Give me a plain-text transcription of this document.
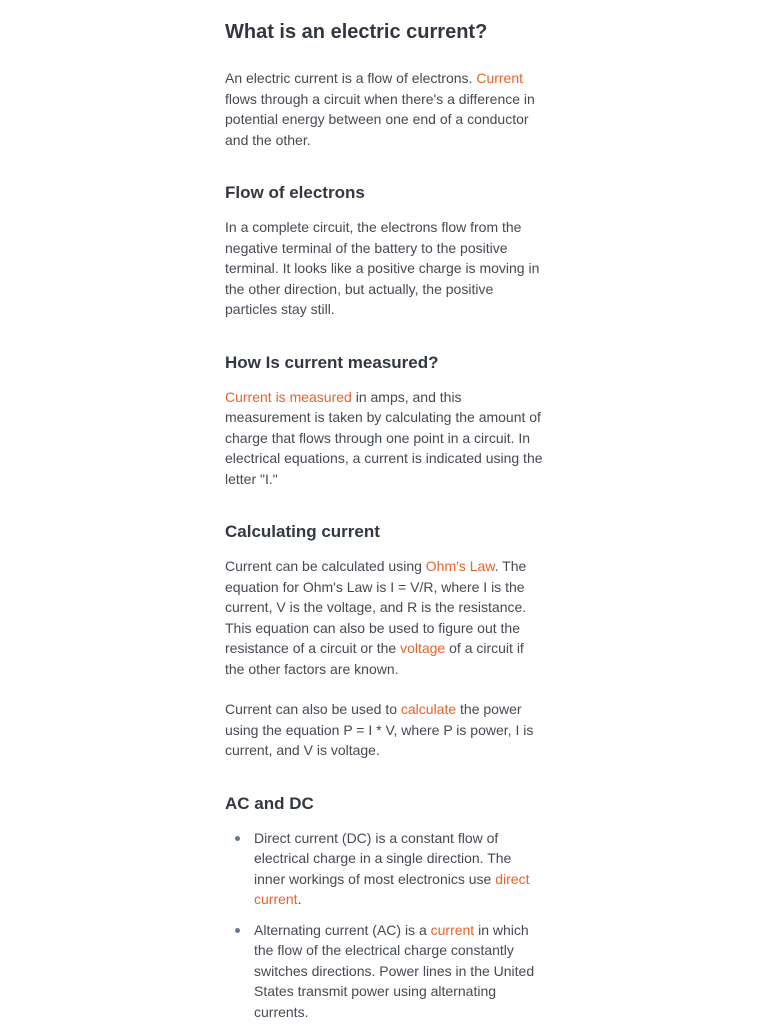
What is an electric current?

An electric current is a flow of electrons. Current flows through a circuit when there's a difference in potential energy between one end of a conductor and the other.

Flow of electrons

In a complete circuit, the electrons flow from the negative terminal of the battery to the positive terminal. It looks like a positive charge is moving in the other direction, but actually, the positive particles stay still.

How Is current measured?

Current is measured in amps, and this measurement is taken by calculating the amount of charge that flows through one point in a circuit. In electrical equations, a current is indicated using the letter "I."

Calculating current

Current can be calculated using Ohm's Law. The equation for Ohm's Law is I = V/R, where I is the current, V is the voltage, and R is the resistance. This equation can also be used to figure out the resistance of a circuit or the voltage of a circuit if the other factors are known.

Current can also be used to calculate the power using the equation P = I * V, where P is power, I is current, and V is voltage.

AC and DC
Direct current (DC) is a constant flow of electrical charge in a single direction. The inner workings of most electronics use direct current.
Alternating current (AC) is a current in which the flow of the electrical charge constantly switches directions. Power lines in the United States transmit power using alternating currents.
